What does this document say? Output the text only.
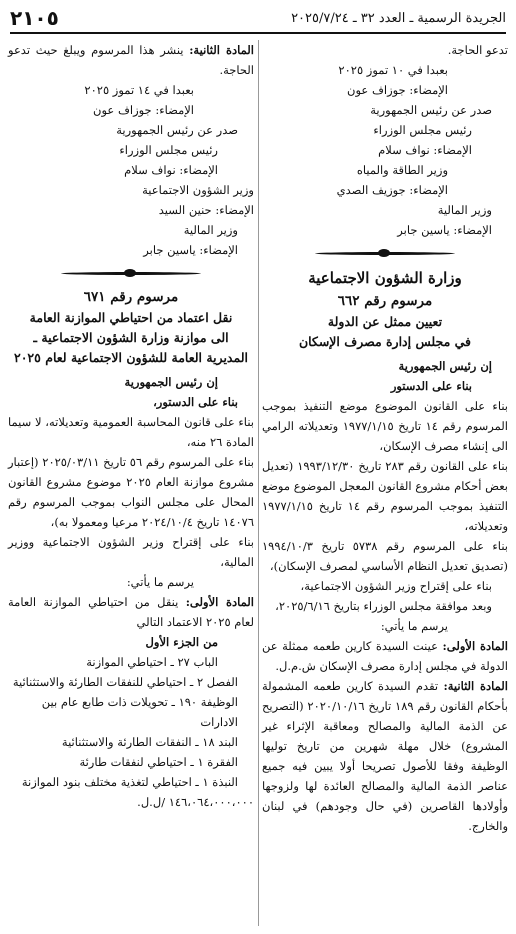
الجريدة الرسمية ـ العدد ٣٢ ـ ٢٠٢٥/٧/٢٤
٢١٠٥

تدعو الحاجة.

بعبدا في ١٠ تموز ٢٠٢٥

الإمضاء: جوزاف عون

صدر عن رئيس الجمهورية

رئيس مجلس الوزراء

الإمضاء: نواف سلام

وزير الطاقة والمياه

الإمضاء: جوزيف الصدي

وزير المالية

الإمضاء: ياسين جابر

وزارة الشؤون الاجتماعية
مرسوم رقم ٦٦٢
تعيين ممثل عن الدولة
في مجلس إدارة مصرف الإسكان

إن رئيس الجمهورية

بناء على الدستور

بناء على القانون الموضوع موضع التنفيذ بموجب المرسوم رقم ١٤ تاريخ ١٩٧٧/١/١٥ وتعديلاته الرامي الى إنشاء مصرف الإسكان،

بناء على القانون رقم ٢٨٣ تاريخ ١٩٩٣/١٢/٣٠ (تعديل بعض أحكام مشروع القانون المعجل الموضوع موضع التنفيذ بموجب المرسوم رقم ١٤ تاريخ ١٩٧٧/١/١٥ وتعديلاته،

بناء على المرسوم رقم ٥٧٣٨ تاريخ ١٩٩٤/١٠/٣ (تصديق تعديل النظام الأساسي لمصرف الإسكان)،

بناء على إقتراح وزير الشؤون الاجتماعية،

وبعد موافقة مجلس الوزراء بتاريخ ٢٠٢٥/٦/١٦،

يرسم ما يأتي:

المادة الأولى: عينت السيدة كارين طعمه ممثلة عن الدولة في مجلس إدارة مصرف الإسكان ش.م.ل.

المادة الثانية: تقدم السيدة كارين طعمه المشمولة بأحكام القانون رقم ١٨٩ تاريخ ٢٠٢٠/١٠/١٦ (التصريح عن الذمة المالية والمصالح ومعاقبة الإثراء غير المشروع) خلال مهلة شهرين من تاريخ توليها الوظيفة وفقا للأصول تصريحا أولا يبين فيه جميع عناصر الذمة المالية والمصالح العائدة لها ولزوجها وأولادها القاصرين (في حال وجودهم) في لبنان والخارج.

المادة الثانية: ينشر هذا المرسوم ويبلغ حيث تدعو الحاجة.

بعبدا في ١٤ تموز ٢٠٢٥

الإمضاء: جوزاف عون

صدر عن رئيس الجمهورية

رئيس مجلس الوزراء

الإمضاء: نواف سلام

وزير الشؤون الاجتماعية

الإمضاء: حنين السيد

وزير المالية

الإمضاء: ياسين جابر

مرسوم رقم ٦٧١
نقل اعتماد من احتياطي الموازنة العامة
الى موازنة وزارة الشؤون الاجتماعية ـ
المديرية العامة للشؤون الاجتماعية لعام ٢٠٢٥

إن رئيس الجمهورية

بناء على الدستور،

بناء على قانون المحاسبة العمومية وتعديلاته، لا سيما المادة ٢٦ منه،

بناء على المرسوم رقم ٥٦ تاريخ ٢٠٢٥/٠٣/١١ (إعتبار مشروع موازنة العام ٢٠٢٥ موضوع مشروع القانون المحال على مجلس النواب بموجب المرسوم رقم ١٤٠٧٦ تاريخ ٢٠٢٤/١٠/٤ مرعيا ومعمولا به)،

بناء على إقتراح وزير الشؤون الاجتماعية ووزير المالية،

يرسم ما يأتي:

المادة الأولى: ينقل من احتياطي الموازنة العامة لعام ٢٠٢٥ الاعتماد التالي

من الجزء الأول

الباب ٢٧ ـ احتياطي الموازنة

الفصل ٢ ـ احتياطي للنفقات الطارئة والاستثنائية

الوظيفة ١٩٠ ـ تحويلات ذات طابع عام بين الادارات

البند ١٨ ـ النفقات الطارئة والاستثنائية

الفقرة ١ ـ احتياطي لنفقات طارئة

النبذة ١ ـ احتياطي لتغذية مختلف بنود الموازنة

١٤٦،٠٦٤،٠٠٠،٠٠٠ /ل.ل.
